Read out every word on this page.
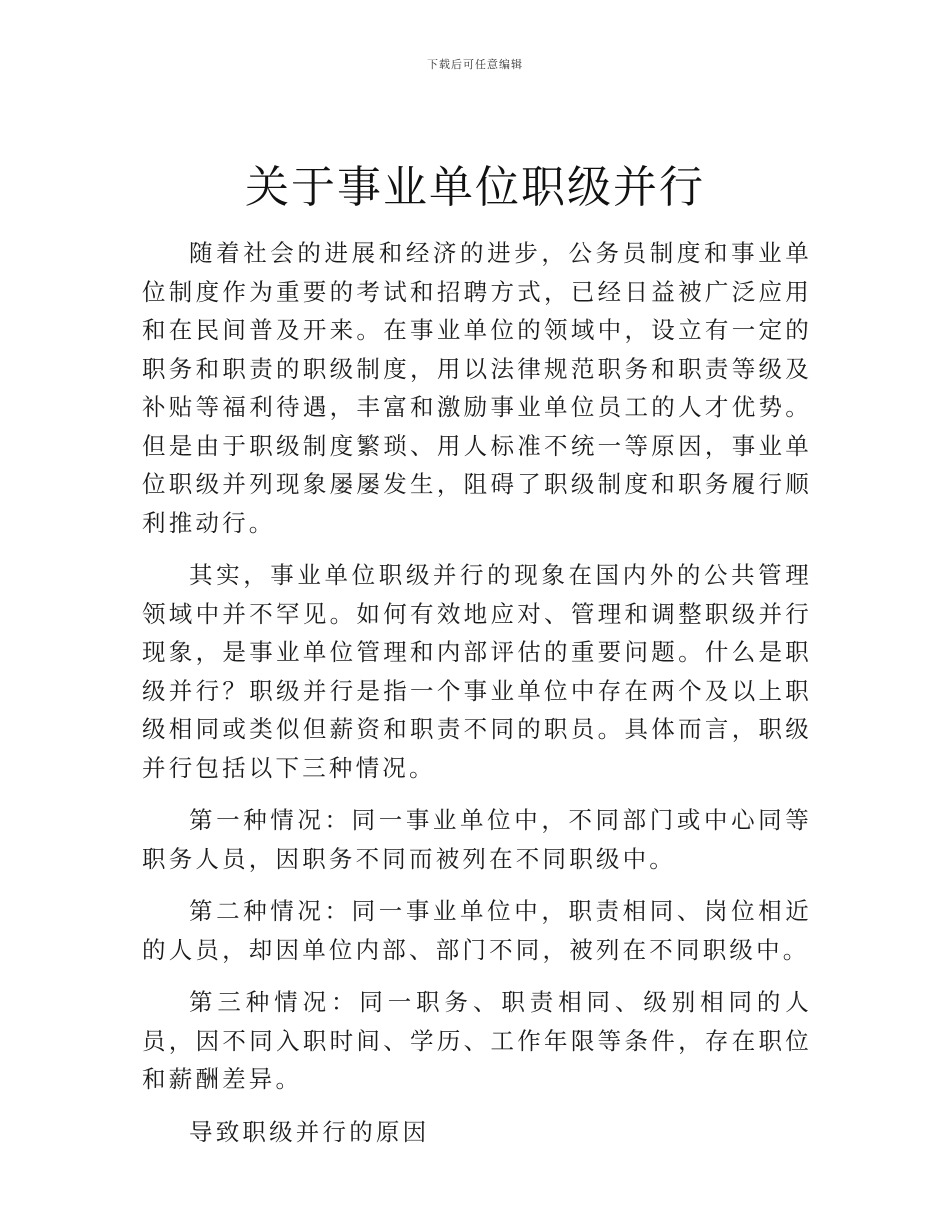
下载后可任意编辑
关于事业单位职级并行

随着社会的进展和经济的进步，公务员制度和事业单位制度作为重要的考试和招聘方式，已经日益被广泛应用和在民间普及开来。在事业单位的领域中，设立有一定的职务和职责的职级制度，用以法律规范职务和职责等级及补贴等福利待遇，丰富和激励事业单位员工的人才优势。但是由于职级制度繁琐、用人标准不统一等原因，事业单位职级并列现象屡屡发生，阻碍了职级制度和职务履行顺利推动行。

其实，事业单位职级并行的现象在国内外的公共管理领域中并不罕见。如何有效地应对、管理和调整职级并行现象，是事业单位管理和内部评估的重要问题。什么是职级并行？职级并行是指一个事业单位中存在两个及以上职级相同或类似但薪资和职责不同的职员。具体而言，职级并行包括以下三种情况。

第一种情况：同一事业单位中，不同部门或中心同等职务人员，因职务不同而被列在不同职级中。

第二种情况：同一事业单位中，职责相同、岗位相近的人员，却因单位内部、部门不同，被列在不同职级中。

第三种情况：同一职务、职责相同、级别相同的人员，因不同入职时间、学历、工作年限等条件，存在职位和薪酬差异。

导致职级并行的原因
